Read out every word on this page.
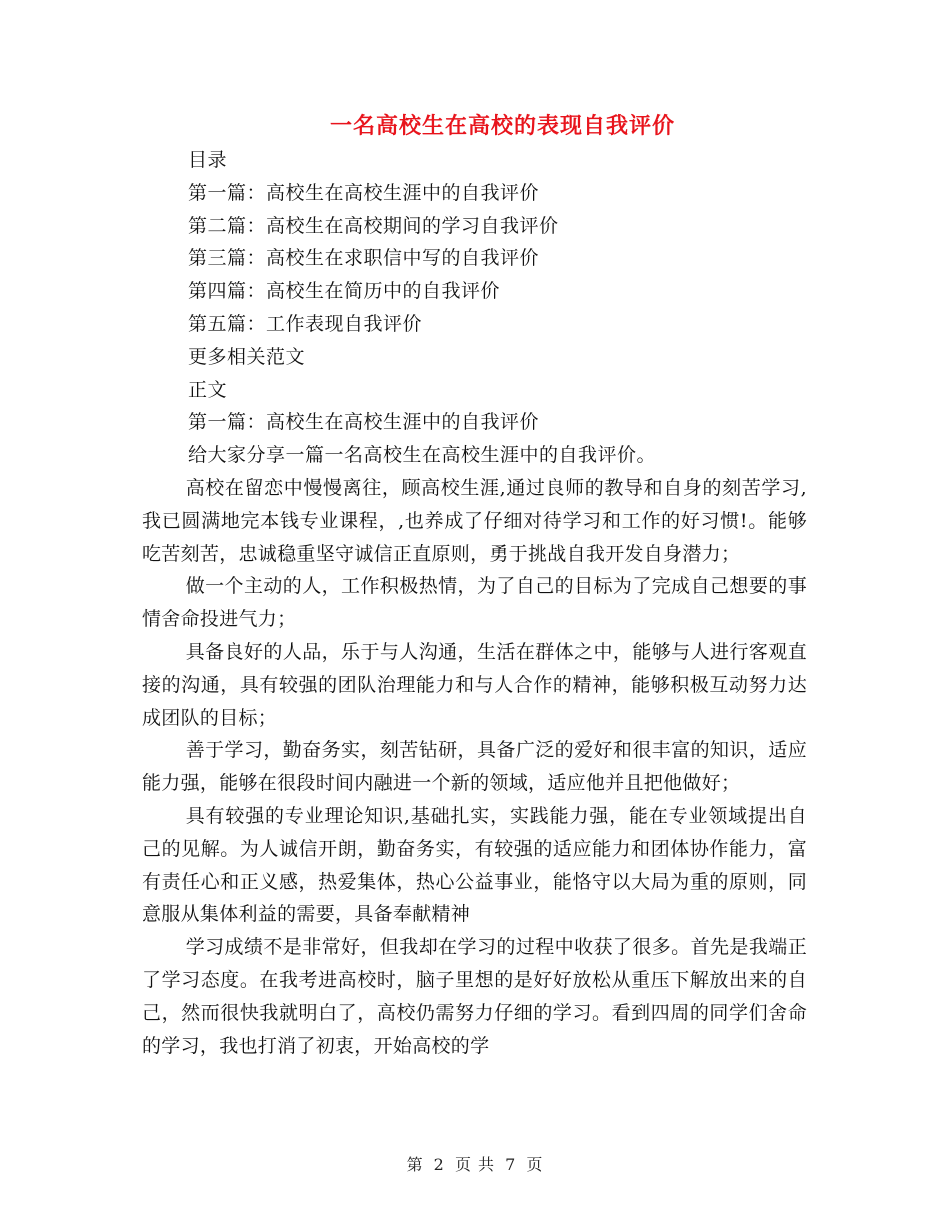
一名高校生在高校的表现自我评价
目录
第一篇：高校生在高校生涯中的自我评价
第二篇：高校生在高校期间的学习自我评价
第三篇：高校生在求职信中写的自我评价
第四篇：高校生在简历中的自我评价
第五篇：工作表现自我评价
更多相关范文
正文
第一篇：高校生在高校生涯中的自我评价
给大家分享一篇一名高校生在高校生涯中的自我评价。

高校在留恋中慢慢离往，顾高校生涯,通过良师的教导和自身的刻苦学习,我已圆满地完本钱专业课程，,也养成了仔细对待学习和工作的好习惯!。能够吃苦刻苦，忠诚稳重坚守诚信正直原则，勇于挑战自我开发自身潜力；

做一个主动的人，工作积极热情，为了自己的目标为了完成自己想要的事情舍命投进气力；

具备良好的人品，乐于与人沟通，生活在群体之中，能够与人进行客观直接的沟通，具有较强的团队治理能力和与人合作的精神，能够积极互动努力达成团队的目标；

善于学习，勤奋务实，刻苦钻研，具备广泛的爱好和很丰富的知识，适应能力强，能够在很段时间内融进一个新的领域，适应他并且把他做好；

具有较强的专业理论知识,基础扎实，实践能力强，能在专业领域提出自己的见解。为人诚信开朗，勤奋务实，有较强的适应能力和团体协作能力，富有责任心和正义感，热爱集体，热心公益事业，能恪守以大局为重的原则，同意服从集体利益的需要，具备奉献精神

学习成绩不是非常好，但我却在学习的过程中收获了很多。首先是我端正了学习态度。在我考进高校时，脑子里想的是好好放松从重压下解放出来的自己，然而很快我就明白了，高校仍需努力仔细的学习。看到四周的同学们舍命的学习，我也打消了初衷，开始高校的学

第 2 页 共 7 页
